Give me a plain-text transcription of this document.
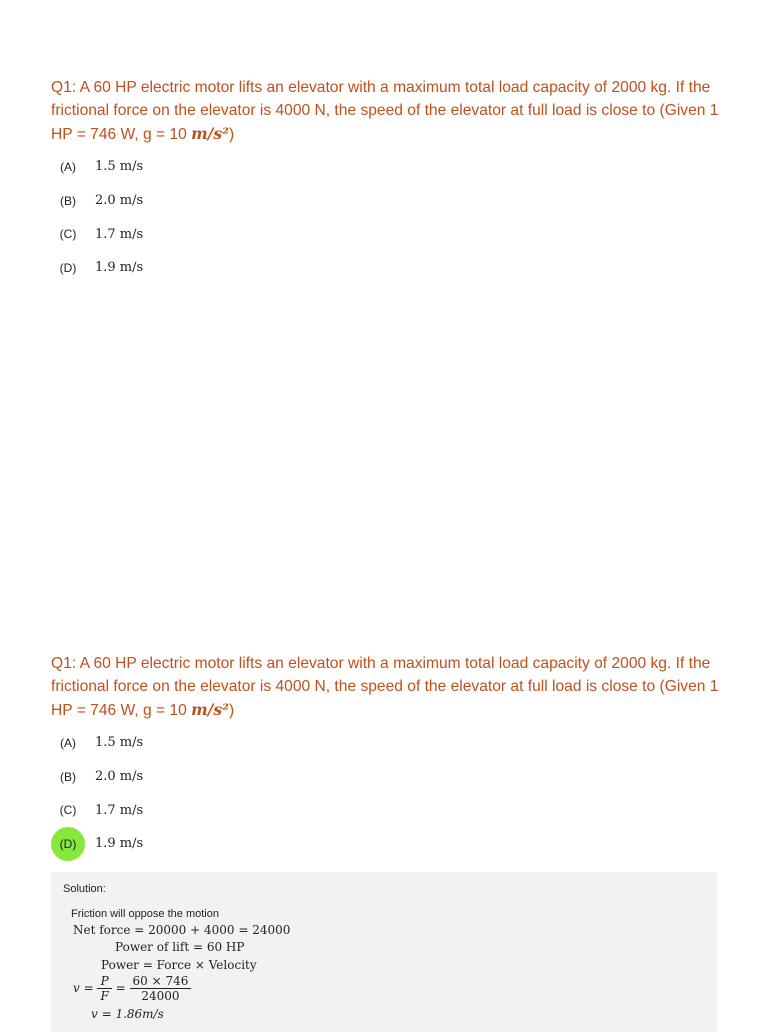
Q1: A 60 HP electric motor lifts an elevator with a maximum total load capacity of 2000 kg. If the frictional force on the elevator is 4000 N, the speed of the elevator at full load is close to (Given 1 HP = 746 W, g = 10 m/s²)

(A)	1.5 m/s
(B)	2.0 m/s
(C)	1.7 m/s
(D)	1.9 m/s

Q1: A 60 HP electric motor lifts an elevator with a maximum total load capacity of 2000 kg. If the frictional force on the elevator is 4000 N, the speed of the elevator at full load is close to (Given 1 HP = 746 W, g = 10 m/s²)

(A)	1.5 m/s
(B)	2.0 m/s
(C)	1.7 m/s
(D)	1.9 m/s
Solution:
Friction will oppose the motion
Net force = 20000 + 4000 = 24000
Power of lift = 60 HP
Power = Force × Velocity
$v = \frac{P}{F} = \frac{60 \times 746}{24000}$
v = 1.86m/s
